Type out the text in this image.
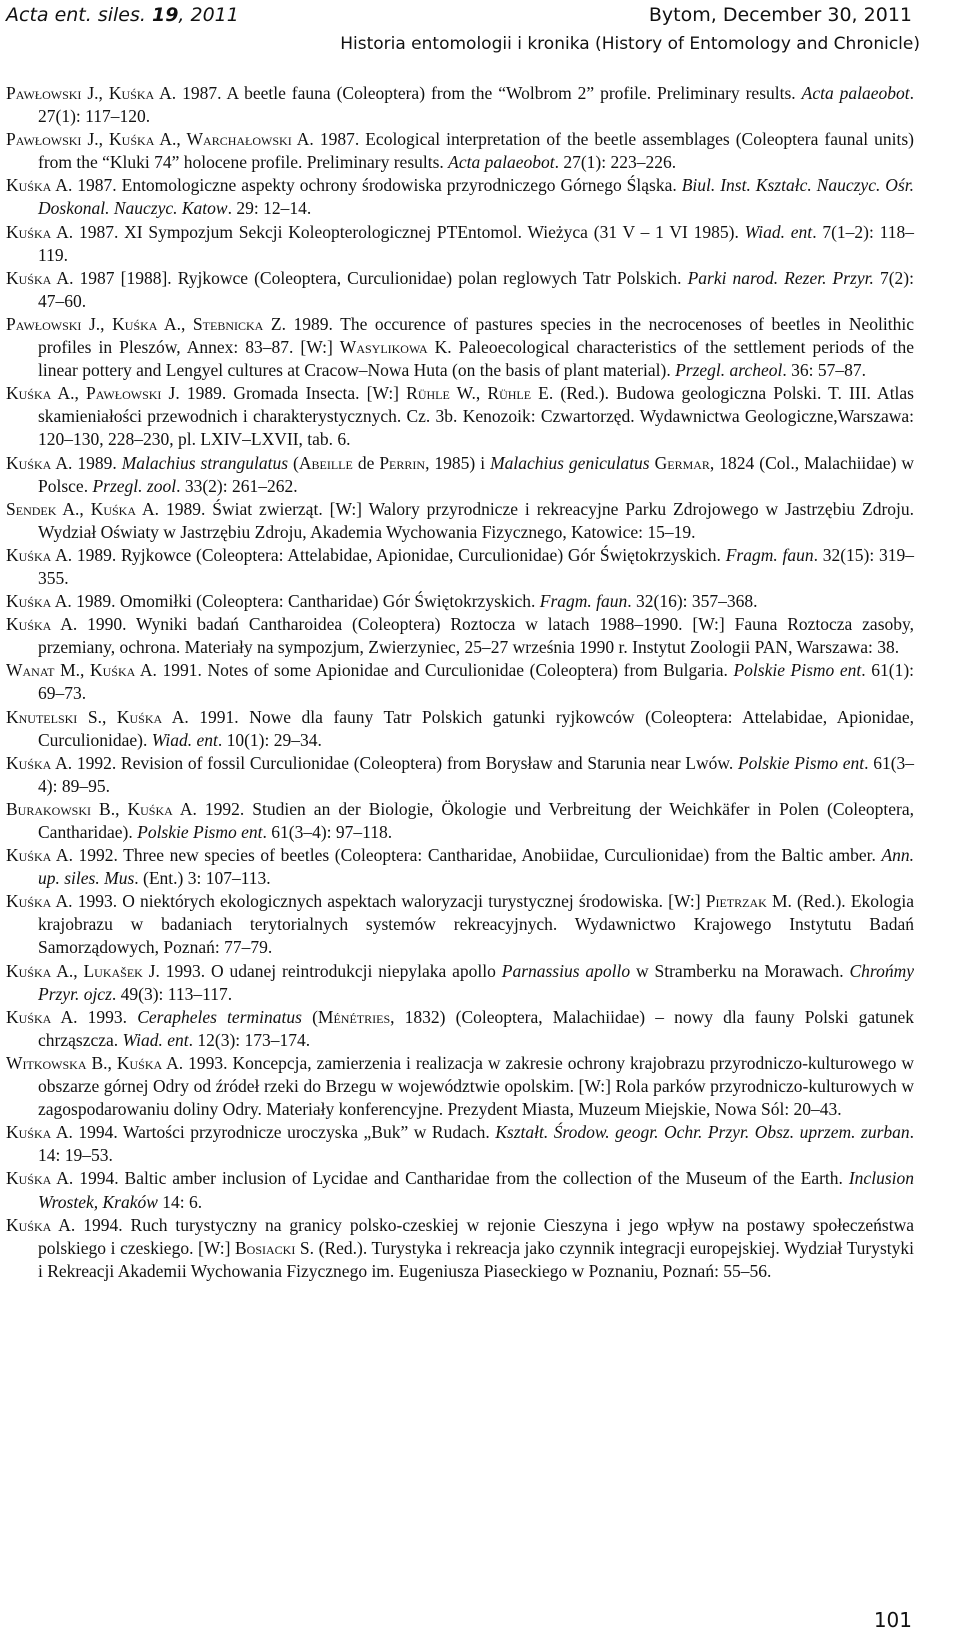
Acta ent. siles. 19, 2011	Bytom, December 30, 2011
Historia entomologii i kronika (History of Entomology and Chronicle)

Pawłowski J., Kuśka A. 1987. A beetle fauna (Coleoptera) from the “Wolbrom 2” profile. Preliminary results. Acta palaeobot. 27(1): 117–120.

Pawłowski J., Kuśka A., Warchałowski A. 1987. Ecological interpretation of the beetle assemblages (Coleoptera faunal units) from the “Kluki 74” holocene profile. Preliminary results. Acta palaeobot. 27(1): 223–226.

Kuśka A. 1987. Entomologiczne aspekty ochrony środowiska przyrodniczego Górnego Śląska. Biul. Inst. Kształc. Nauczyc. Ośr. Doskonal. Nauczyc. Katow. 29: 12–14.

Kuśka A. 1987. XI Sympozjum Sekcji Koleopterologicznej PTEntomol. Wieżyca (31 V – 1 VI 1985). Wiad. ent. 7(1–2): 118–119.

Kuśka A. 1987 [1988]. Ryjkowce (Coleoptera, Curculionidae) polan reglowych Tatr Polskich. Parki narod. Rezer. Przyr. 7(2): 47–60.

Pawłowski J., Kuśka A., Stebnicka Z. 1989. The occurence of pastures species in the necrocenoses of beetles in Neolithic profiles in Pleszów, Annex: 83–87. [W:] Wasylikowa K. Paleoecological characteristics of the settlement periods of the linear pottery and Lengyel cultures at Cracow–Nowa Huta (on the basis of plant material). Przegl. archeol. 36: 57–87.

Kuśka A., Pawłowski J. 1989. Gromada Insecta. [W:] Rühle W., Rühle E. (Red.). Budowa geologiczna Polski. T. III. Atlas skamieniałości przewodnich i charakterystycznych. Cz. 3b. Kenozoik: Czwartorzęd. Wydawnictwa Geologiczne,Warszawa: 120–130, 228–230, pl. LXIV–LXVII, tab. 6.

Kuśka A. 1989. Malachius strangulatus (Abeille de Perrin, 1985) i Malachius geniculatus Germar, 1824 (Col., Malachiidae) w Polsce. Przegl. zool. 33(2): 261–262.

Sendek A., Kuśka A. 1989. Świat zwierząt. [W:] Walory przyrodnicze i rekreacyjne Parku Zdrojowego w Jastrzębiu Zdroju. Wydział Oświaty w Jastrzębiu Zdroju, Akademia Wychowania Fizycznego, Katowice: 15–19.

Kuśka A. 1989. Ryjkowce (Coleoptera: Attelabidae, Apionidae, Curculionidae) Gór Świętokrzyskich. Fragm. faun. 32(15): 319–355.

Kuśka A. 1989. Omomiłki (Coleoptera: Cantharidae) Gór Świętokrzyskich. Fragm. faun. 32(16): 357–368.

Kuśka A. 1990. Wyniki badań Cantharoidea (Coleoptera) Roztocza w latach 1988–1990. [W:] Fauna Roztocza zasoby, przemiany, ochrona. Materiały na sympozjum, Zwierzyniec, 25–27 września 1990 r. Instytut Zoologii PAN, Warszawa: 38.

Wanat M., Kuśka A. 1991. Notes of some Apionidae and Curculionidae (Coleoptera) from Bulgaria. Polskie Pismo ent. 61(1): 69–73.

Knutelski S., Kuśka A. 1991. Nowe dla fauny Tatr Polskich gatunki ryjkowców (Coleoptera: Attelabidae, Apionidae, Curculionidae). Wiad. ent. 10(1): 29–34.

Kuśka A. 1992. Revision of fossil Curculionidae (Coleoptera) from Borysław and Starunia near Lwów. Polskie Pismo ent. 61(3–4): 89–95.

Burakowski B., Kuśka A. 1992. Studien an der Biologie, Ökologie und Verbreitung der Weichkäfer in Polen (Coleoptera, Cantharidae). Polskie Pismo ent. 61(3–4): 97–118.

Kuśka A. 1992. Three new species of beetles (Coleoptera: Cantharidae, Anobiidae, Curculionidae) from the Baltic amber. Ann. up. siles. Mus. (Ent.) 3: 107–113.

Kuśka A. 1993. O niektórych ekologicznych aspektach waloryzacji turystycznej środowiska. [W:] Pietrzak M. (Red.). Ekologia krajobrazu w badaniach terytorialnych systemów rekreacyjnych. Wydawnictwo Krajowego Instytutu Badań Samorządowych, Poznań: 77–79.

Kuśka A., Lukašek J. 1993. O udanej reintrodukcji niepylaka apollo Parnassius apollo w Stramberku na Morawach. Chrońmy Przyr. ojcz. 49(3): 113–117.

Kuśka A. 1993. Cerapheles terminatus (Ménétries, 1832) (Coleoptera, Malachiidae) – nowy dla fauny Polski gatunek chrząszcza. Wiad. ent. 12(3): 173–174.

Witkowska B., Kuśka A. 1993. Koncepcja, zamierzenia i realizacja w zakresie ochrony krajobrazu przyrodniczo-kulturowego w obszarze górnej Odry od źródeł rzeki do Brzegu w województwie opolskim. [W:] Rola parków przyrodniczo-kulturowych w zagospodarowaniu doliny Odry. Materiały konferencyjne. Prezydent Miasta, Muzeum Miejskie, Nowa Sól: 20–43.

Kuśka A. 1994. Wartości przyrodnicze uroczyska „Buk” w Rudach. Kształt. Środow. geogr. Ochr. Przyr. Obsz. uprzem. zurban. 14: 19–53.

Kuśka A. 1994. Baltic amber inclusion of Lycidae and Cantharidae from the collection of the Museum of the Earth. Inclusion Wrostek, Kraków 14: 6.

Kuśka A. 1994. Ruch turystyczny na granicy polsko-czeskiej w rejonie Cieszyna i jego wpływ na postawy społeczeństwa polskiego i czeskiego. [W:] Bosiacki S. (Red.). Turystyka i rekreacja jako czynnik integracji europejskiej. Wydział Turystyki i Rekreacji Akademii Wychowania Fizycznego im. Eugeniusza Piaseckiego w Poznaniu, Poznań: 55–56.

101
